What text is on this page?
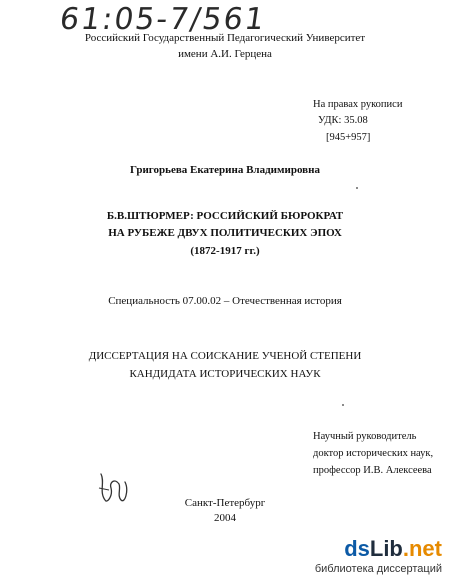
61:05-7/561
Российский Государственный Педагогический Университет
имени А.И. Герцена
На правах рукописи
УДК: 35.08
[945+957]
Григорьева Екатерина Владимировна
Б.В.ШТЮРМЕР: РОССИЙСКИЙ БЮРОКРАТ
НА РУБЕЖЕ ДВУХ ПОЛИТИЧЕСКИХ ЭПОХ
(1872-1917 гг.)
Специальность 07.00.02 – Отечественная история
ДИССЕРТАЦИЯ НА СОИСКАНИЕ УЧЕНОЙ СТЕПЕНИ
КАНДИДАТА ИСТОРИЧЕСКИХ НАУК
Научный руководитель
доктор исторических наук,
профессор И.В. Алексеева
Санкт-Петербург
2004
dsLib.net
библиотека диссертаций
